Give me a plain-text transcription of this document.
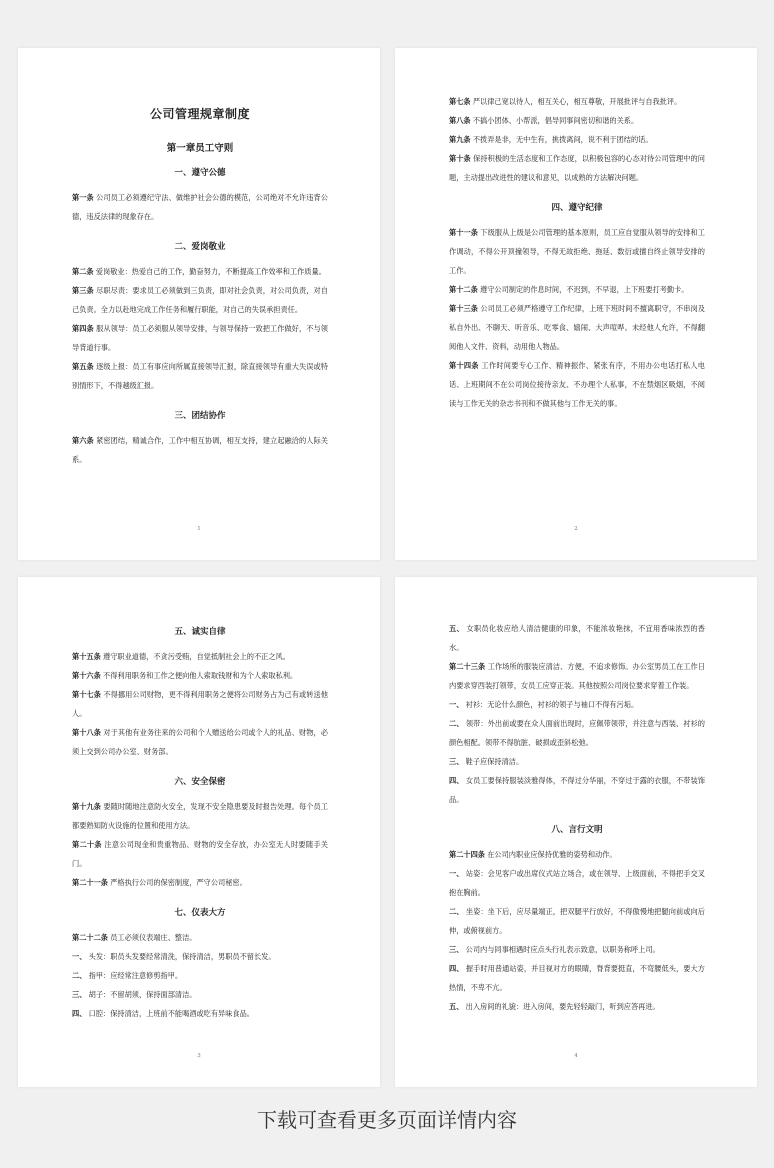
公司管理规章制度
第一章员工守则
一、遵守公德

第一条 公司员工必须遵纪守法、做维护社会公德的模范，公司绝对不允许违背公德，违反法律的现象存在。

二、爱岗敬业

第二条 爱岗敬业：热爱自己的工作，勤奋努力，不断提高工作效率和工作质量。

第三条 尽职尽责：要求员工必须做到三负责，即对社会负责，对公司负责，对自己负责。全力以赴地完成工作任务和履行职能，对自己的失误承担责任。

第四条 服从领导：员工必须服从领导安排，与领导保持一致把工作做好，不与领导背道行事。

第五条 逐级上报：员工有事应向所属直接领导汇报，除直接领导有重大失误或特别情形下，不得越级汇报。

三、团结协作

第六条 紧密团结，精诚合作，工作中相互协调，相互支持，建立起融洽的人际关系。

1

第七条 严以律己宽以待人，相互关心，相互尊敬，开展批评与自我批评。

第八条 不搞小团体、小帮派，倡导同事间密切和谐的关系。

第九条 不拨弄是非，无中生有，挑拨离间，说不利于团结的话。

第十条 保持积极的生活态度和工作态度，以积极包容的心态对待公司管理中的问题，主动提出改进性的建议和意见，以成熟的方法解决问题。

四、遵守纪律

第十一条 下级服从上级是公司管理的基本原则，员工应自觉服从领导的安排和工作调动，不得公开顶撞领导，不得无故拒绝、拖延、数衍或擅自终止领导安排的工作。

第十二条 遵守公司制定的作息时间，不迟到，不早退，上下班要打考勤卡。

第十三条 公司员工必须严格遵守工作纪律，上班下班时间不擅离职守，不串岗及私自外出、不聊天、听音乐、吃零食、嬉闹、大声喧哗。未经他人允许，不得翻阅他人文件、资料，动用他人物品。

第十四条 工作时间要专心工作、精神振作、紧张有序，不用办公电话打私人电话、上班期间不在公司岗位接待亲友、不办理个人私事，不在禁烟区吸烟，不阅读与工作无关的杂志书刊和不做其他与工作无关的事。

2
五、诚实自律

第十五条 遵守职业道德，不贪污受贿，自觉抵制社会上的不正之风。

第十六条 不得利用职务和工作之便向他人索取钱财和为个人索取私利。

第十七条 不得挪用公司财物，更不得利用职务之便将公司财务占为己有或转送他人。

第十八条 对于其他有业务往来的公司和个人赠送给公司或个人的礼品、财物，必须上交到公司办公室、财务部。

六、安全保密

第十九条 要随时随地注意防火安全，发现不安全隐患要及时报告处理。每个员工都要熟知防火设施的位置和使用方法。

第二十条 注意公司现金和贵重物品、财物的安全存放，办公室无人时要随手关门。

第二十一条 严格执行公司的保密制度，严守公司秘密。

七、仪表大方

第二十二条 员工必须仪表端庄、整洁。

一、 头发：职员头发要经常清洗，保持清洁，男职员不留长发。

二、 指甲：应经常注意修剪指甲。

三、 胡子：不留胡须，保持面部清洁。

四、 口腔：保持清洁，上班前不能喝酒或吃有异味食品。

3

五、 女职员化妆应给人清洁健康的印象，不能浓妆艳抹，不宜用香味浓烈的香水。

第二十三条 工作场所的服装应清洁、方便，不追求修饰。办公室男员工在工作日内要求穿西装打领带，女员工应穿正装。其他按照公司岗位要求穿着工作装。

一、 衬衫：无论什么颜色，衬衫的领子与袖口不得有污垢。

二、 领带：外出前或要在众人面前出现时，应佩带领带，并注意与西装、衬衫的颜色相配。领带不得肮脏、破损或歪斜松弛。

三、 鞋子应保持清洁。

四、 女员工要保持服装淡雅得体，不得过分华丽，不穿过于露的衣服，不带装饰品。

八、言行文明

第二十四条 在公司内职业应保持优雅的姿势和动作。

一、 站姿：会见客户或出席仪式站立场合，或在领导、上级面前，不得把手交叉抱在胸前。

二、 坐姿：坐下后，应尽量端正，把双腿平行放好，不得傲慢地把腿向前或向后伸，或俯视前方。

三、 公司内与同事相遇时应点头行礼表示致意，以职务称呼上司。

四、 握手时用普通站姿，并目视对方的眼睛，脊背要挺直，不弯腰低头，要大方热情，不卑不亢。

五、 出入房间的礼貌：进入房间，要先轻轻敲门，听到应答再进。

4
下载可查看更多页面详情内容
